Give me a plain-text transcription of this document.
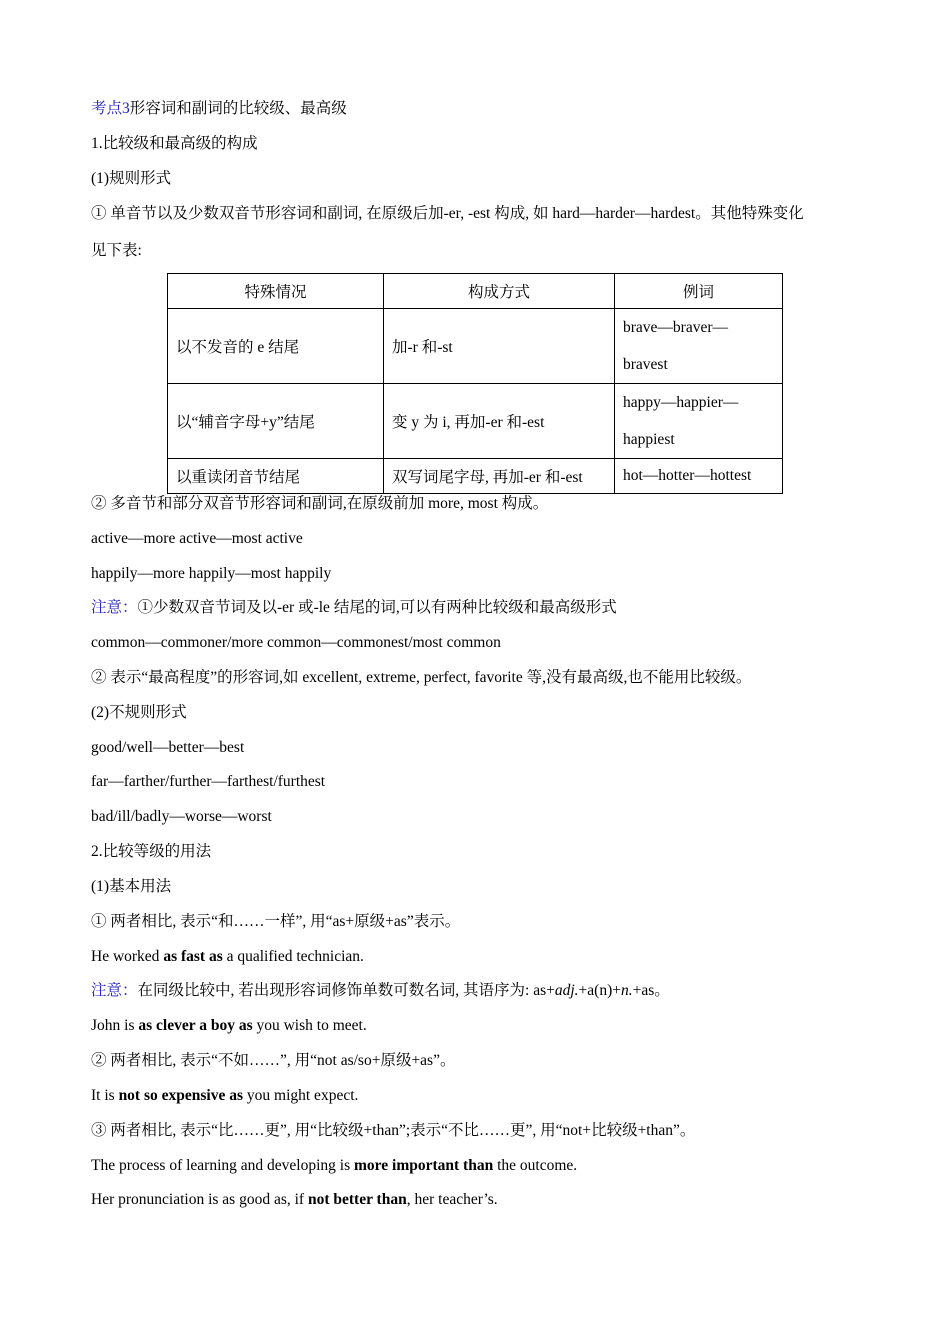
考点3形容词和副词的比较级、最高级
1.比较级和最高级的构成
(1)规则形式
① 单音节以及少数双音节形容词和副词, 在原级后加-er, -est 构成, 如 hard—harder—hardest。其他特殊变化
见下表:
特殊情况	构成方式	例词
以不发音的 e 结尾	加-r 和-st	brave—braver—
bravest

以“辅音字母+y”结尾	变 y 为 i, 再加-er 和-est	happy—happier—
happiest

以重读闭音节结尾	双写词尾字母, 再加-er 和-est	hot—hotter—hottest
② 多音节和部分双音节形容词和副词,在原级前加 more, most 构成。
active—more active—most active
happily—more happily—most happily
注意：①少数双音节词及以-er 或-le 结尾的词,可以有两种比较级和最高级形式
common—commoner/more common—commonest/most common
② 表示“最高程度”的形容词,如 excellent, extreme, perfect, favorite 等,没有最高级,也不能用比较级。
(2)不规则形式
good/well—better—best
far—farther/further—farthest/furthest
bad/ill/badly—worse—worst
2.比较等级的用法
(1)基本用法
① 两者相比, 表示“和……一样”, 用“as+原级+as”表示。
He worked as fast as a qualified technician.
注意：在同级比较中, 若出现形容词修饰单数可数名词, 其语序为: as+adj.+a(n)+n.+as。
John is as clever a boy as you wish to meet.
② 两者相比, 表示“不如……”, 用“not as/so+原级+as”。
It is not so expensive as you might expect.
③ 两者相比, 表示“比……更”, 用“比较级+than”;表示“不比……更”, 用“not+比较级+than”。
The process of learning and developing is more important than the outcome.
Her pronunciation is as good as, if not better than, her teacher’s.
